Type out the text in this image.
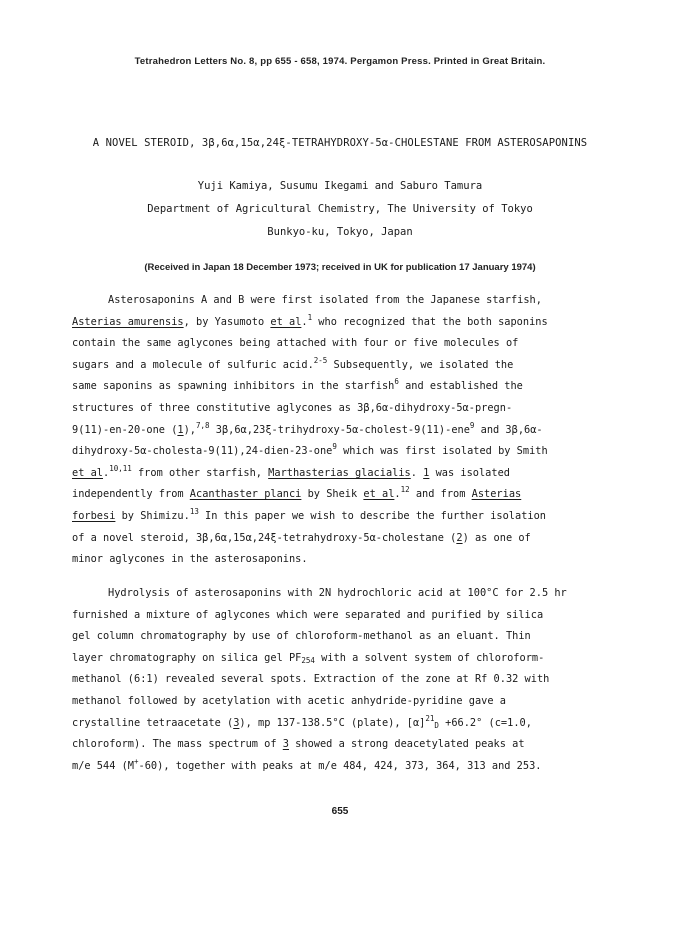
Tetrahedron Letters No. 8, pp 655 - 658, 1974. Pergamon Press. Printed in Great Britain.
A NOVEL STEROID, 3β,6α,15α,24ξ-TETRAHYDROXY-5α-CHOLESTANE FROM ASTEROSAPONINS
Yuji Kamiya, Susumu Ikegami and Saburo Tamura
Department of Agricultural Chemistry, The University of Tokyo
Bunkyo-ku, Tokyo, Japan
(Received in Japan 18 December 1973; received in UK for publication 17 January 1974)
Asterosaponins A and B were first isolated from the Japanese starfish,
Asterias amurensis, by Yasumoto et al.$^1$ who recognized that the both saponins
contain the same aglycones being attached with four or five molecules of
sugars and a molecule of sulfuric acid.$^{2-5}$ Subsequently, we isolated the
same saponins as spawning inhibitors in the starfish$^6$ and established the
structures of three constitutive aglycones as 3β,6α-dihydroxy-5α-pregn-
9(11)-en-20-one (1),$^{7,8}$ 3β,6α,23ξ-trihydroxy-5α-cholest-9(11)-ene$^9$ and 3β,6α-
dihydroxy-5α-cholesta-9(11),24-dien-23-one$^9$ which was first isolated by Smith
et al.$^{10,11}$ from other starfish, Marthasterias glacialis. 1 was isolated
independently from Acanthaster planci by Sheik et al.$^{12}$ and from Asterias
forbesi by Shimizu.$^{13}$ In this paper we wish to describe the further isolation
of a novel steroid, 3β,6α,15α,24ξ-tetrahydroxy-5α-cholestane (2) as one of
minor aglycones in the asterosaponins.
Hydrolysis of asterosaponins with 2N hydrochloric acid at 100°C for 2.5 hr
furnished a mixture of aglycones which were separated and purified by silica
gel column chromatography by use of chloroform-methanol as an eluant. Thin
layer chromatography on silica gel $PF_{254}$ with a solvent system of chloroform-
methanol (6:1) revealed several spots. Extraction of the zone at Rf 0.32 with
methanol followed by acetylation with acetic anhydride-pyridine gave a
crystalline tetraacetate (3), mp 137-138.5°C (plate), $[\alpha]^{21}_D +66.2^\circ$ (c=1.0,
chloroform). The mass spectrum of 3 showed a strong deacetylated peaks at
m/e 544 (M+-60), together with peaks at m/e 484, 424, 373, 364, 313 and 253.
655
